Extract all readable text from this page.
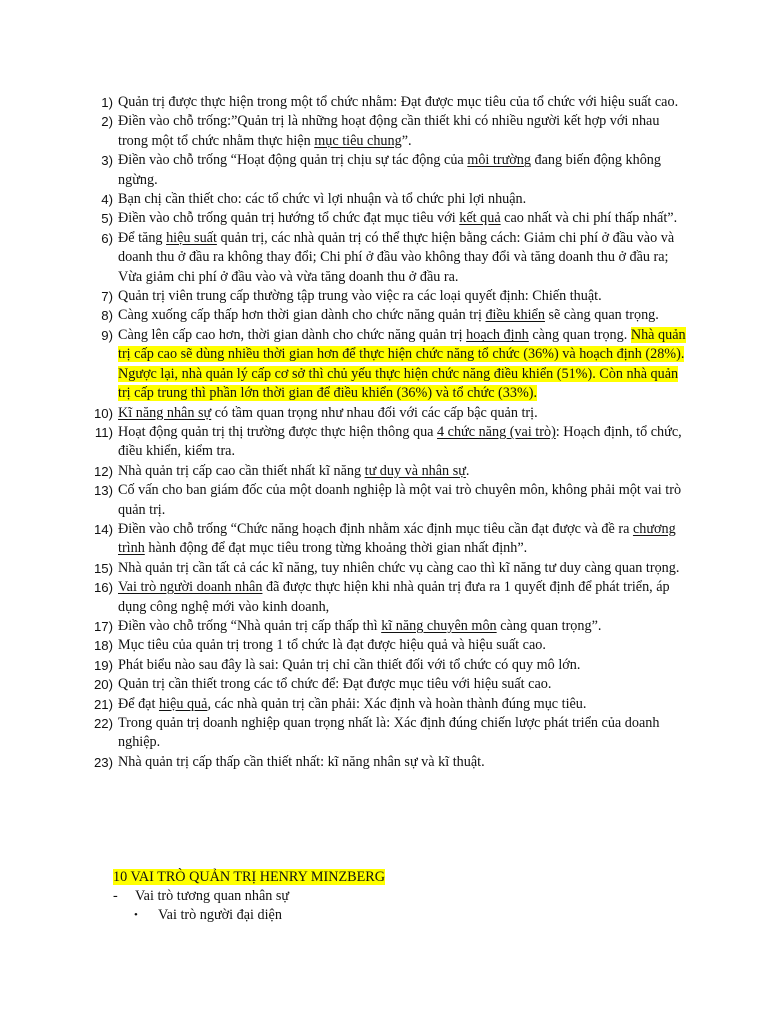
1) Quản trị được thực hiện trong một tổ chức nhằm: Đạt được mục tiêu của tổ chức với hiệu suất cao.
2) Điền vào chỗ trống:”Quản trị là những hoạt động cần thiết khi có nhiều người kết hợp với nhau trong một tổ chức nhằm thực hiện mục tiêu chung”.
3) Điền vào chỗ trống “Hoạt động quản trị chịu sự tác động của môi trường đang biến động không ngừng.
4) Bạn chị cần thiết cho: các tổ chức vì lợi nhuận và tổ chức phi lợi nhuận.
5) Điền vào chỗ trống quản trị hướng tổ chức đạt mục tiêu với kết quả cao nhất và chi phí thấp nhất”.
6) Để tăng hiệu suất quản trị, các nhà quản trị có thể thực hiện bằng cách: Giảm chi phí ở đầu vào và doanh thu ở đầu ra không thay đổi; Chi phí ở đầu vào không thay đổi và tăng doanh thu ở đầu ra; Vừa giảm chi phí ở đầu vào và vừa tăng doanh thu ở đầu ra.
7) Quản trị viên trung cấp thường tập trung vào việc ra các loại quyết định: Chiến thuật.
8) Càng xuống cấp thấp hơn thời gian dành cho chức năng quản trị điều khiển sẽ càng quan trọng.
9) Càng lên cấp cao hơn, thời gian dành cho chức năng quản trị hoạch định càng quan trọng. Nhà quản trị cấp cao sẽ dùng nhiều thời gian hơn để thực hiện chức năng tổ chức (36%) và hoạch định (28%). Ngược lại, nhà quản lý cấp cơ sở thì chủ yếu thực hiện chức năng điều khiển (51%). Còn nhà quản trị cấp trung thì phần lớn thời gian để điều khiển (36%) và tổ chức (33%).
10) Kĩ năng nhân sự có tầm quan trọng như nhau đối với các cấp bậc quản trị.
11) Hoạt động quản trị thị trường được thực hiện thông qua 4 chức năng (vai trò): Hoạch định, tổ chức, điều khiển, kiểm tra.
12) Nhà quản trị cấp cao cần thiết nhất kĩ năng tư duy và nhân sự.
13) Cố vấn cho ban giám đốc của một doanh nghiệp là một vai trò chuyên môn, không phải một vai trò quản trị.
14) Điền vào chỗ trống “Chức năng hoạch định nhằm xác định mục tiêu cần đạt được và đề ra chương trình hành động để đạt mục tiêu trong từng khoảng thời gian nhất định”.
15) Nhà quản trị cần tất cả các kĩ năng, tuy nhiên chức vụ càng cao thì kĩ năng tư duy càng quan trọng.
16) Vai trò người doanh nhân đã được thực hiện khi nhà quản trị đưa ra 1 quyết định để phát triển, áp dụng công nghệ mới vào kinh doanh,
17) Điền vào chỗ trống “Nhà quản trị cấp thấp thì kĩ năng chuyên môn càng quan trọng”.
18) Mục tiêu của quản trị trong 1 tổ chức là đạt được hiệu quả và hiệu suất cao.
19) Phát biểu nào sau đây là sai: Quản trị chỉ cần thiết đối với tổ chức có quy mô lớn.
20) Quản trị cần thiết trong các tổ chức để: Đạt được mục tiêu với hiệu suất cao.
21) Để đạt hiệu quả, các nhà quản trị cần phải: Xác định và hoàn thành đúng mục tiêu.
22) Trong quản trị doanh nghiệp quan trọng nhất là: Xác định đúng chiến lược phát triển của doanh nghiệp.
23) Nhà quản trị cấp thấp cần thiết nhất: kĩ năng nhân sự và kĩ thuật.
10 VAI TRÒ QUẢN TRỊ HENRY MINZBERG
-	Vai trò tương quan nhân sự
•	Vai trò người đại diện
